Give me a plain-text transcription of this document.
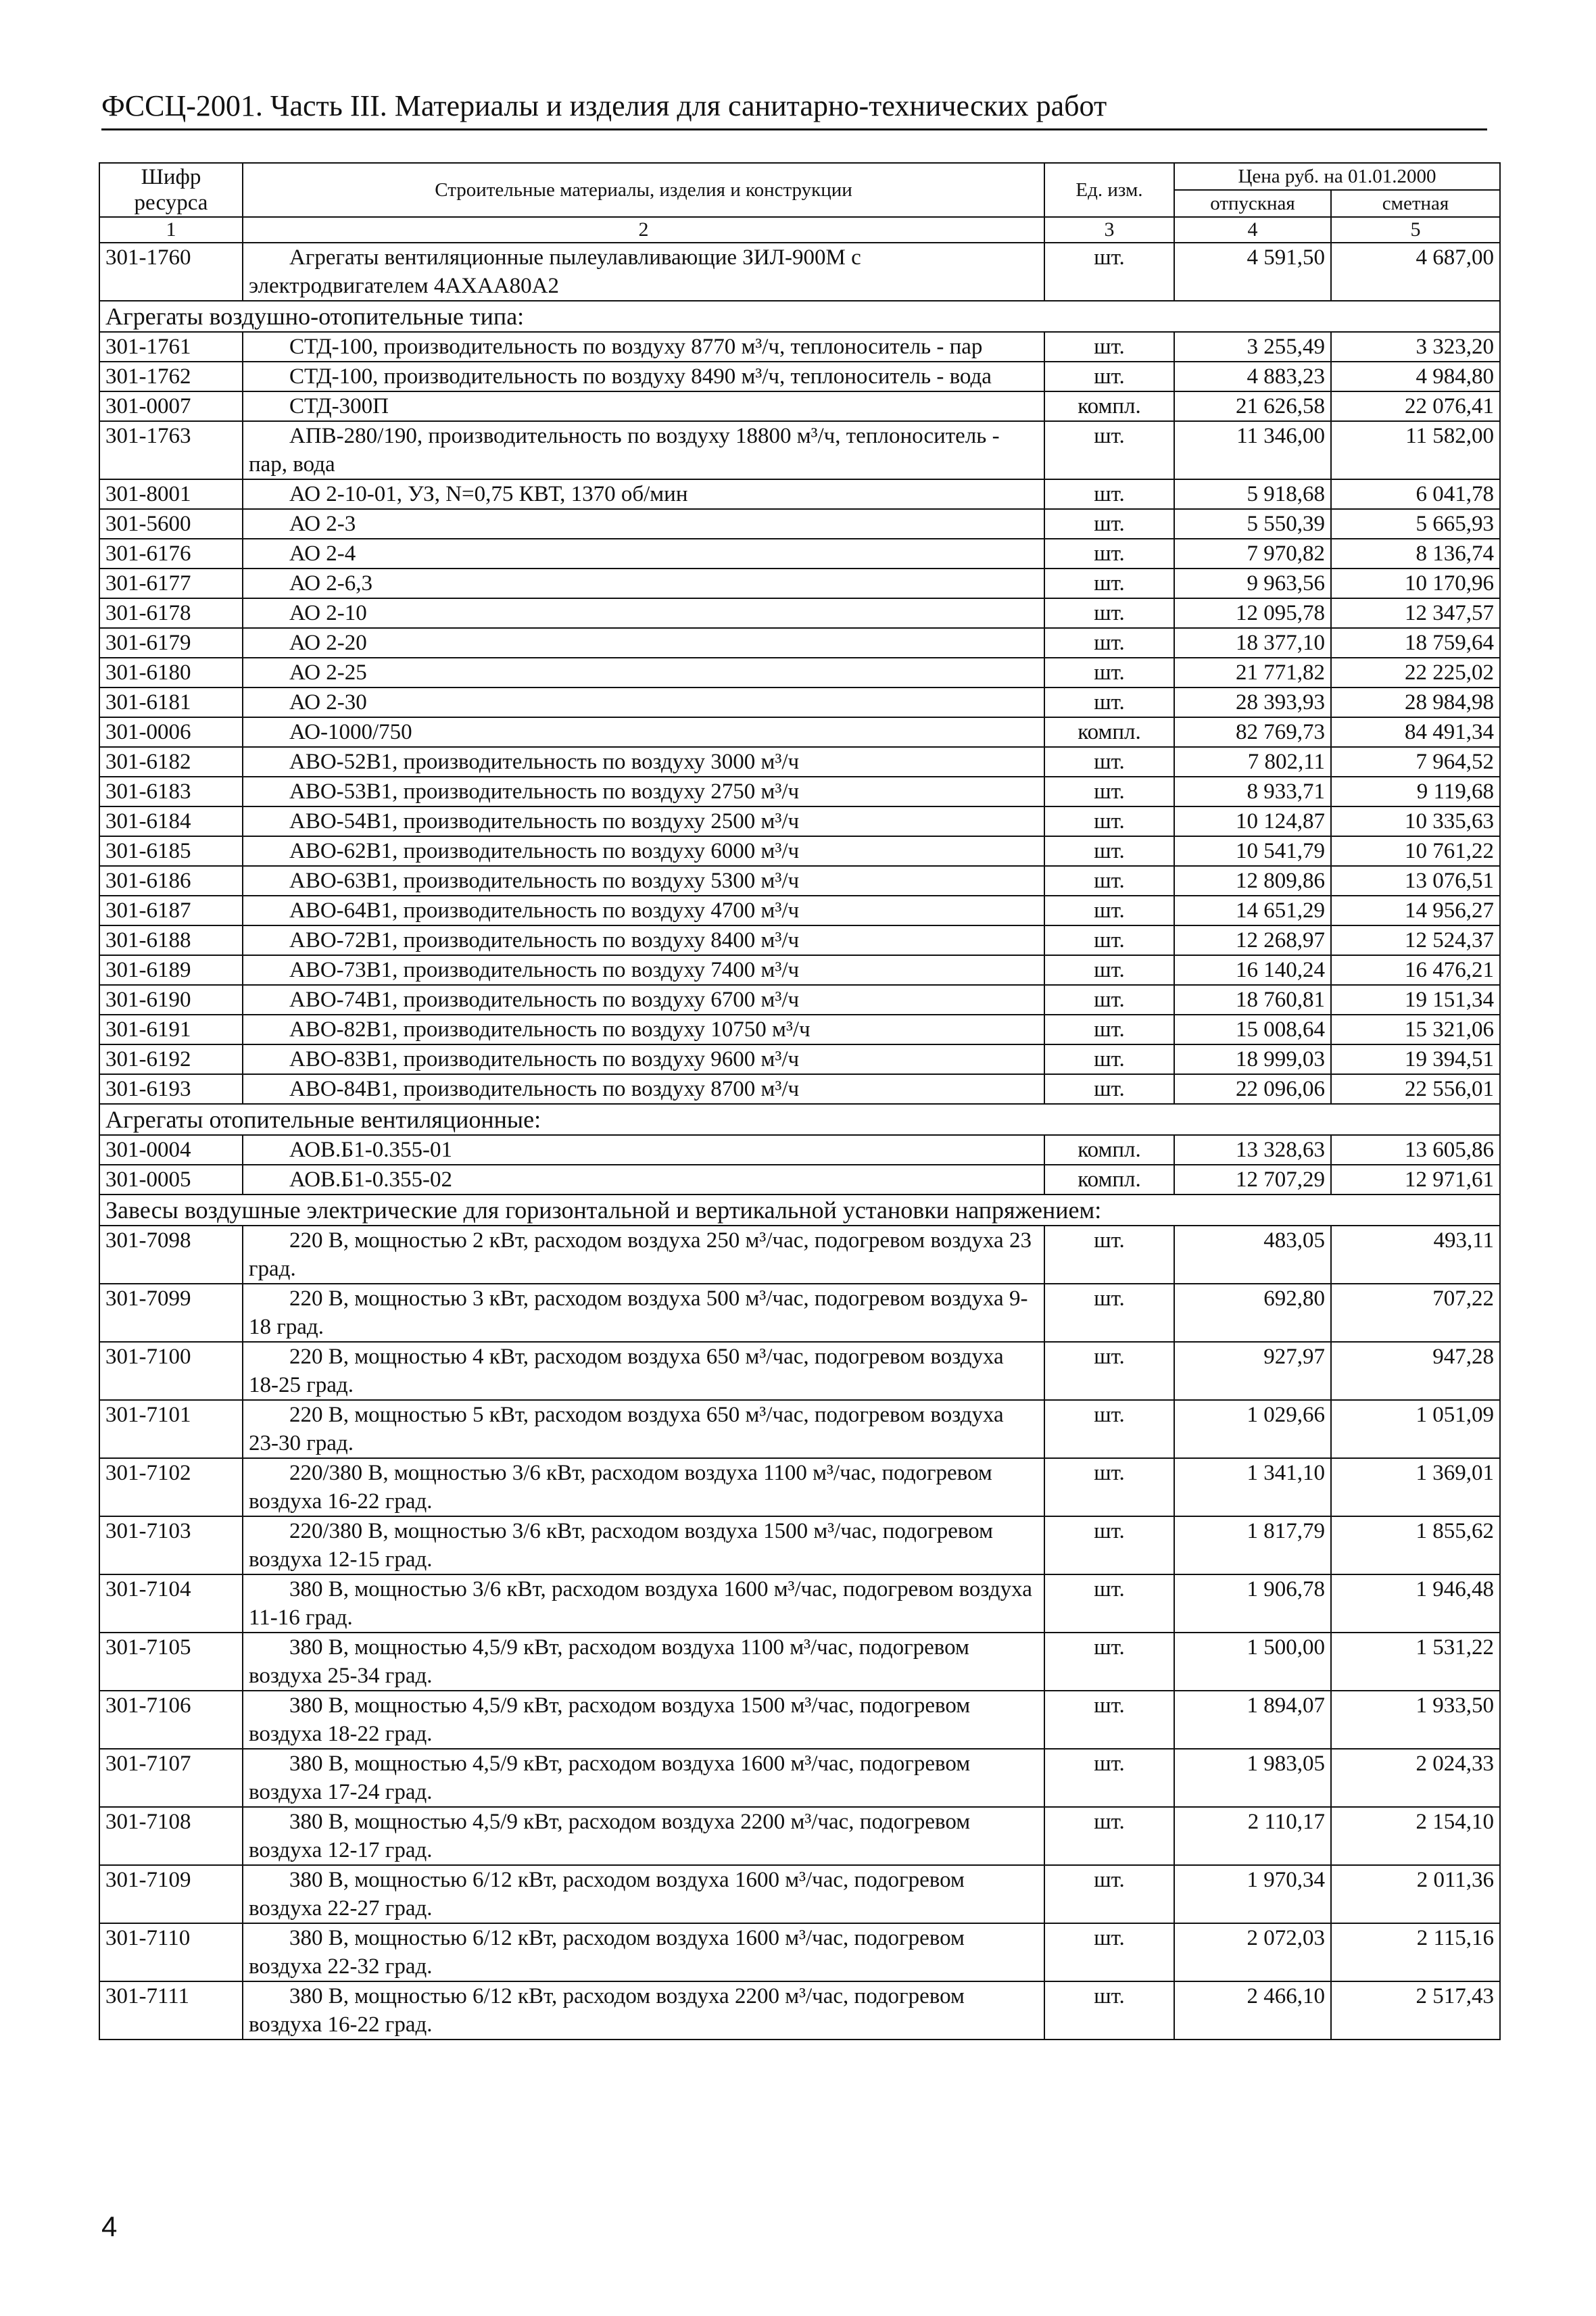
ФССЦ-2001. Часть III. Материалы и изделия для санитарно-технических работ
Шифр ресурса	Строительные материалы, изделия и конструкции	Ед. изм.	Цена руб. на 01.01.2000	
			отпускная	сметная
1	2	3	4	5
301-1760	Агрегаты вентиляционные пылеулавливающие ЗИЛ-900М с электродвигателем 4АХАА80А2	шт.	4 591,50	4 687,00
Агрегаты воздушно-отопительные типа:				
301-1761	СТД-100, производительность по воздуху 8770 м³/ч, теплоноситель - пар	шт.	3 255,49	3 323,20
301-1762	СТД-100, производительность по воздуху 8490 м³/ч, теплоноситель - вода	шт.	4 883,23	4 984,80
301-0007	СТД-300П	компл.	21 626,58	22 076,41
301-1763	АПВ-280/190, производительность по воздуху 18800 м³/ч, теплоноситель - пар, вода	шт.	11 346,00	11 582,00
301-8001	АО 2-10-01, УЗ, N=0,75 КВТ, 1370 об/мин	шт.	5 918,68	6 041,78
301-5600	АО 2-3	шт.	5 550,39	5 665,93
301-6176	АО 2-4	шт.	7 970,82	8 136,74
301-6177	АО 2-6,3	шт.	9 963,56	10 170,96
301-6178	АО 2-10	шт.	12 095,78	12 347,57
301-6179	АО 2-20	шт.	18 377,10	18 759,64
301-6180	АО 2-25	шт.	21 771,82	22 225,02
301-6181	АО 2-30	шт.	28 393,93	28 984,98
301-0006	АО-1000/750	компл.	82 769,73	84 491,34
301-6182	АВО-52В1, производительность по воздуху 3000 м³/ч	шт.	7 802,11	7 964,52
301-6183	АВО-53В1, производительность по воздуху 2750 м³/ч	шт.	8 933,71	9 119,68
301-6184	АВО-54В1, производительность по воздуху 2500 м³/ч	шт.	10 124,87	10 335,63
301-6185	АВО-62В1, производительность по воздуху 6000 м³/ч	шт.	10 541,79	10 761,22
301-6186	АВО-63В1, производительность по воздуху 5300 м³/ч	шт.	12 809,86	13 076,51
301-6187	АВО-64В1, производительность по воздуху 4700 м³/ч	шт.	14 651,29	14 956,27
301-6188	АВО-72В1, производительность по воздуху 8400 м³/ч	шт.	12 268,97	12 524,37
301-6189	АВО-73В1, производительность по воздуху 7400 м³/ч	шт.	16 140,24	16 476,21
301-6190	АВО-74В1, производительность по воздуху 6700 м³/ч	шт.	18 760,81	19 151,34
301-6191	АВО-82В1, производительность по воздуху 10750 м³/ч	шт.	15 008,64	15 321,06
301-6192	АВО-83В1, производительность по воздуху 9600 м³/ч	шт.	18 999,03	19 394,51
301-6193	АВО-84В1, производительность по воздуху 8700 м³/ч	шт.	22 096,06	22 556,01
Агрегаты отопительные вентиляционные:				
301-0004	АОВ.Б1-0.355-01	компл.	13 328,63	13 605,86
301-0005	АОВ.Б1-0.355-02	компл.	12 707,29	12 971,61
Завесы воздушные электрические для горизонтальной и вертикальной установки напряжением:				
301-7098	220 В, мощностью 2 кВт, расходом воздуха 250 м³/час, подогревом воздуха 23 град.	шт.	483,05	493,11
301-7099	220 В, мощностью 3 кВт, расходом воздуха 500 м³/час, подогревом воздуха 9-18 град.	шт.	692,80	707,22
301-7100	220 В, мощностью 4 кВт, расходом воздуха 650 м³/час, подогревом воздуха 18-25 град.	шт.	927,97	947,28
301-7101	220 В, мощностью 5 кВт, расходом воздуха 650 м³/час, подогревом воздуха 23-30 град.	шт.	1 029,66	1 051,09
301-7102	220/380 В, мощностью 3/6 кВт, расходом воздуха 1100 м³/час, подогревом воздуха 16-22 град.	шт.	1 341,10	1 369,01
301-7103	220/380 В, мощностью 3/6 кВт, расходом воздуха 1500 м³/час, подогревом воздуха 12-15 град.	шт.	1 817,79	1 855,62
301-7104	380 В, мощностью 3/6 кВт, расходом воздуха 1600 м³/час, подогревом воздуха 11-16 град.	шт.	1 906,78	1 946,48
301-7105	380 В, мощностью 4,5/9 кВт, расходом воздуха 1100 м³/час, подогревом воздуха 25-34 град.	шт.	1 500,00	1 531,22
301-7106	380 В, мощностью 4,5/9 кВт, расходом воздуха 1500 м³/час, подогревом воздуха 18-22 град.	шт.	1 894,07	1 933,50
301-7107	380 В, мощностью 4,5/9 кВт, расходом воздуха 1600 м³/час, подогревом воздуха 17-24 град.	шт.	1 983,05	2 024,33
301-7108	380 В, мощностью 4,5/9 кВт, расходом воздуха 2200 м³/час, подогревом воздуха 12-17 град.	шт.	2 110,17	2 154,10
301-7109	380 В, мощностью 6/12 кВт, расходом воздуха 1600 м³/час, подогревом воздуха 22-27 град.	шт.	1 970,34	2 011,36
301-7110	380 В, мощностью 6/12 кВт, расходом воздуха 1600 м³/час, подогревом воздуха 22-32 град.	шт.	2 072,03	2 115,16
301-7111	380 В, мощностью 6/12 кВт, расходом воздуха 2200 м³/час, подогревом воздуха 16-22 град.	шт.	2 466,10	2 517,43
4
